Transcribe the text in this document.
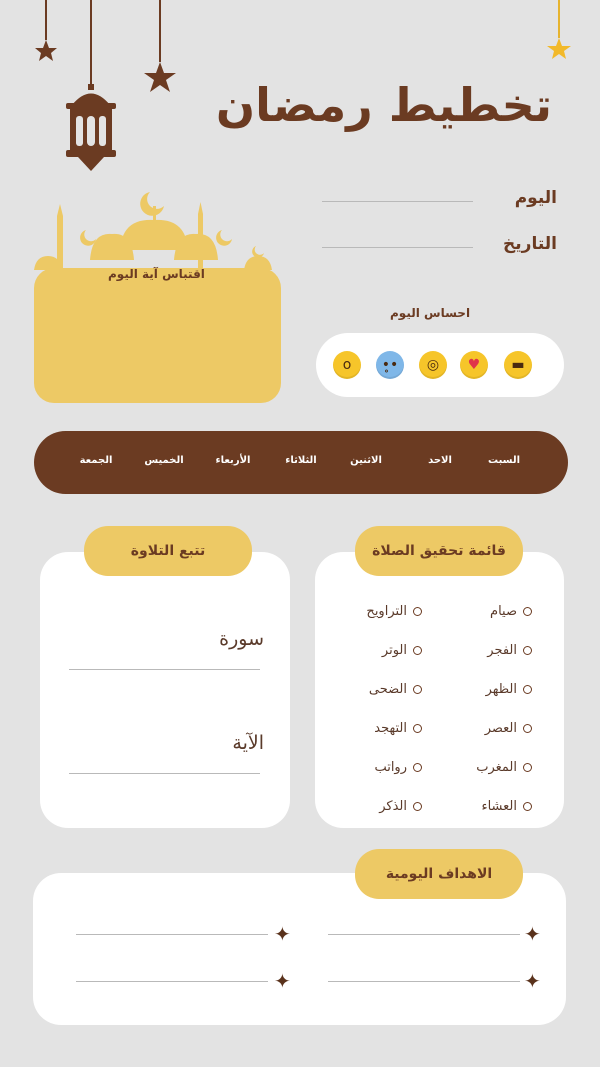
تخطيط رمضان
اليوم
التاريخ
اقتباس آية اليوم
احساس اليوم
▬
♥
◎
•̥•
o
السبت
الاحد
الاثنين
الثلاثاء
الأربعاء
الخميس
الجمعة
قائمة تحقيق الصلاة
صيام
الفجر
الظهر
العصر
المغرب
العشاء
التراويح
الوتر
الضحى
التهجد
رواتب
الذكر
تتبع التلاوة
سورة
الآية
الاهداف اليومية
✦
✦
✦
✦
